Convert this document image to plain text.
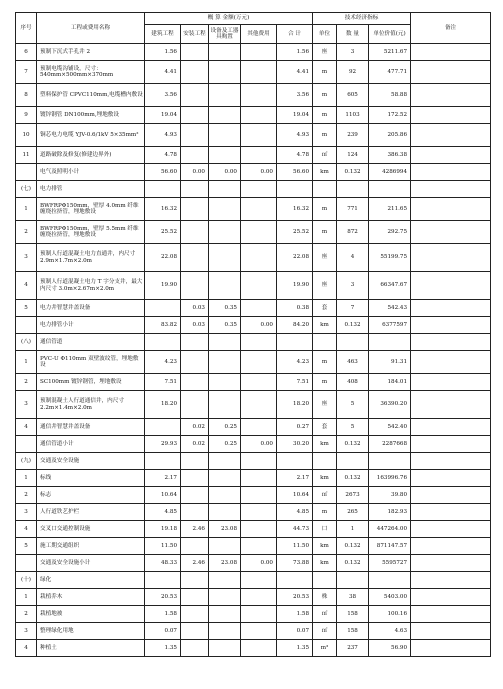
序号	工程或费用名称	概 算 金额(万元)					技术经济指标			备注
		建筑工程	安装工程	设备及工器具购置	其他费用	合 计	单位	数 量	单位价值(元)	
6	预制下沉式手孔井 2	1.56				1.56	座	3	5211.67	
7	预制电缆沟铺设，尺寸：540mm×500mm×370mm	4.41				4.41	m	92	477.71	
8	塑料保护管 CPVC110mm,电缆槽内敷设	3.56				3.56	m	605	58.88	
9	镀锌钢管 DN100mm,埋地敷设	19.04				19.04	m	1103	172.52	
10	铜芯电力电缆 YJV-0.6/1kV 5×35mm²	4.93				4.93	m	239	205.86	
11	道路破除及修复(修建边界外)	4.78				4.78	㎡	124	386.38	
	电气及照明小计	56.60	0.00	0.00	0.00	56.60	km	0.132	4286994	
(七)	电力排管									
1	BWFRPΦ150mm，壁厚 4.0mm 纤维缠绕拉挤管，埋地敷设	16.32				16.32	m	771	211.65	
2	BWFRPΦ150mm，壁厚 5.5mm 纤维缠绕拉挤管，埋地敷设	25.52				25.52	m	872	292.75	
3	预制人行道混凝土电力直通井，内尺寸 2.9m×1.7m×2.0m	22.08				22.08	座	4	55199.75	
4	预制人行道混凝土电力 T 字分支井，最大内尺寸 3.0m×2.67m×2.0m	19.90				19.90	座	3	66347.67	
5	电力井智慧井盖设备		0.03	0.35		0.38	套	7	542.43	
	电力排管小计	83.82	0.03	0.35	0.00	84.20	km	0.132	6377597	
(八)	通信管道									
1	PVC-U Φ110mm 双壁波纹管，埋地敷设	4.23				4.23	m	463	91.31	
2	SC100mm 镀锌钢管，埋地敷设	7.51				7.51	m	408	184.01	
3	预制混凝土人行道通信井，内尺寸 2.2m×1.4m×2.0m	18.20				18.20	座	5	36390.20	
4	通信井智慧井盖设备		0.02	0.25		0.27	套	5	542.40	
	通信管道小计	29.93	0.02	0.25	0.00	30.20	km	0.132	2287668	
(九)	交通及安全设施									
1	标线	2.17				2.17	km	0.132	163996.76	
2	标志	10.64				10.64	㎡	2673	39.80	
3	人行道铁艺护栏	4.85				4.85	m	265	182.93	
4	交叉口交通控制设施	19.18	2.46	23.08		44.73	口	1	447264.00	
5	施工期交通组织	11.50				11.50	km	0.132	871147.57	
	交通及安全设施小计	48.33	2.46	23.08	0.00	73.88	km	0.132	5595727	
(十)	绿化									
1	栽植乔木	20.53				20.53	株	38	5403.00	
2	栽植地被	1.58				1.58	㎡	158	100.16	
3	整理绿化用地	0.07				0.07	㎡	158	4.63	
4	种植土	1.35				1.35	m³	237	56.90	
